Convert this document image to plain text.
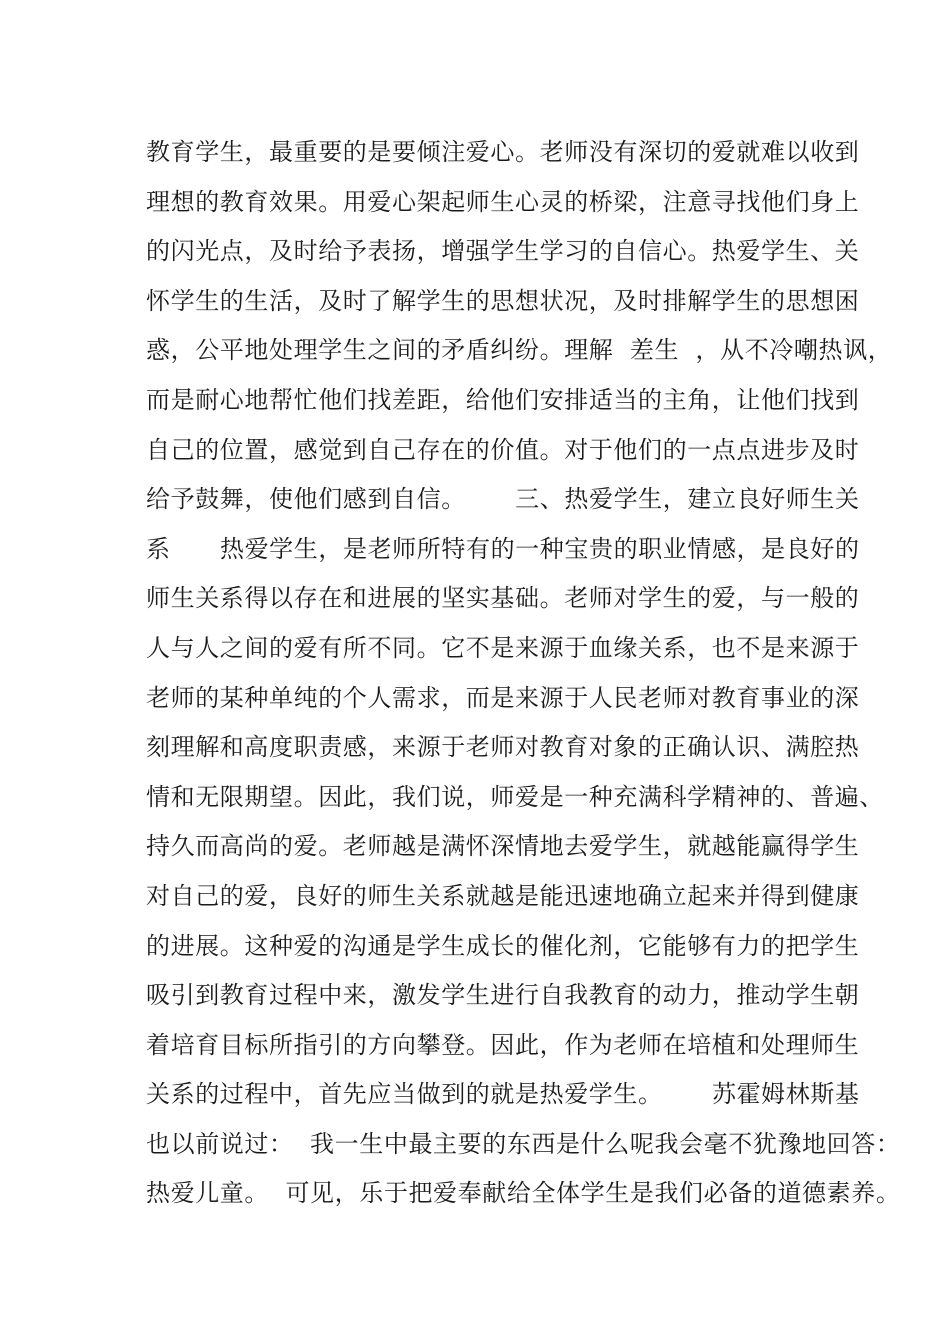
教育学生，最重要的是要倾注爱心。老师没有深切的爱就难以收到
理想的教育效果。用爱心架起师生心灵的桥梁，注意寻找他们身上
的闪光点，及时给予表扬，增强学生学习的自信心。热爱学生、关
怀学生的生活，及时了解学生的思想状况，及时排解学生的思想困
惑，公平地处理学生之间的矛盾纠纷。理解  差生  ，从不冷嘲热讽，
而是耐心地帮忙他们找差距，给他们安排适当的主角，让他们找到
自己的位置，感觉到自己存在的价值。对于他们的一点点进步及时
给予鼓舞，使他们感到自信。      三、热爱学生，建立良好师生关
系      热爱学生，是老师所特有的一种宝贵的职业情感，是良好的
师生关系得以存在和进展的坚实基础。老师对学生的爱，与一般的
人与人之间的爱有所不同。它不是来源于血缘关系，也不是来源于
老师的某种单纯的个人需求，而是来源于人民老师对教育事业的深
刻理解和高度职责感，来源于老师对教育对象的正确认识、满腔热
情和无限期望。因此，我们说，师爱是一种充满科学精神的、普遍、
持久而高尚的爱。老师越是满怀深情地去爱学生，就越能赢得学生
对自己的爱，良好的师生关系就越是能迅速地确立起来并得到健康
的进展。这种爱的沟通是学生成长的催化剂，它能够有力的把学生
吸引到教育过程中来，激发学生进行自我教育的动力，推动学生朝
着培育目标所指引的方向攀登。因此，作为老师在培植和处理师生
关系的过程中，首先应当做到的就是热爱学生。      苏霍姆林斯基
也以前说过：  我一生中最主要的东西是什么呢我会毫不犹豫地回答：
热爱儿童。  可见，乐于把爱奉献给全体学生是我们必备的道德素养。
